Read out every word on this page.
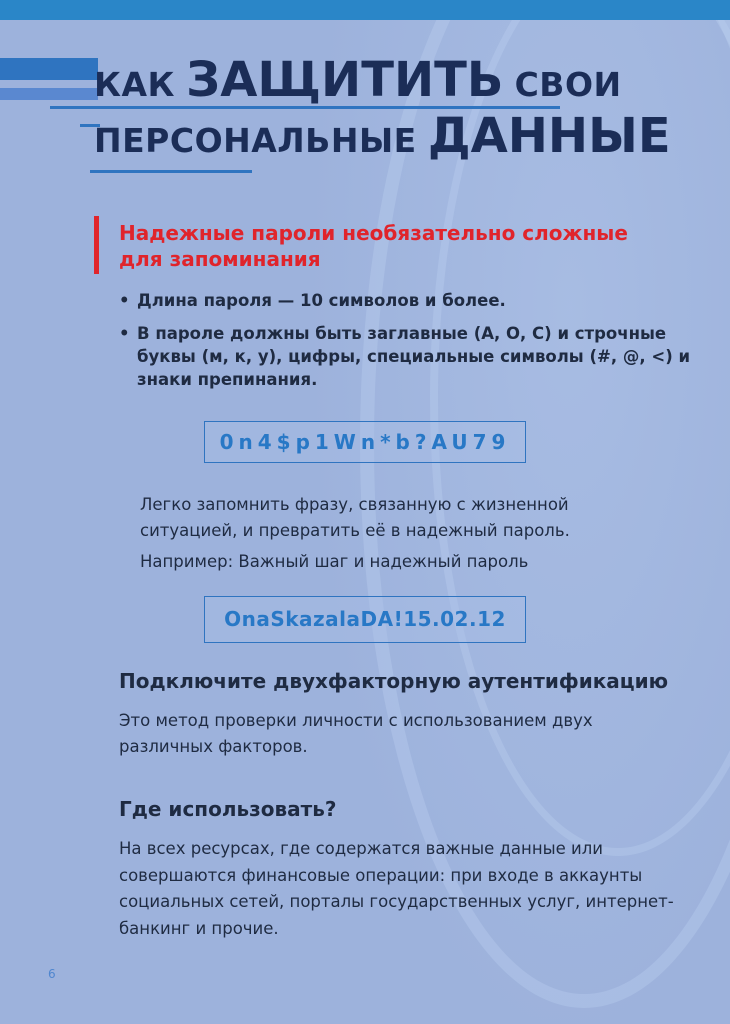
КАК ЗАЩИТИТЬ СВОИ
ПЕРСОНАЛЬНЫЕ ДАННЫЕ
Надежные пароли необязательно сложные для запоминания
• Длина пароля — 10 символов и более.
• В пароле должны быть заглавные (А, О, С) и строчные буквы (м, к, у), цифры, специальные символы (#, @, <) и знаки препинания.
0n4$p1Wn*b?AU79

Легко запомнить фразу, связанную с жизненной ситуацией, и превратить её в надежный пароль.

Например: Важный шаг и надежный пароль

OnaSkazalaDA!15.02.12
Подключите двухфакторную аутентификацию

Это метод проверки личности с использованием двух различных факторов.

Где использовать?

На всех ресурсах, где содержатся важные данные или совершаются финансовые операции: при входе в аккаунты социальных сетей, порталы государственных услуг, интернет-банкинг и прочие.

6
